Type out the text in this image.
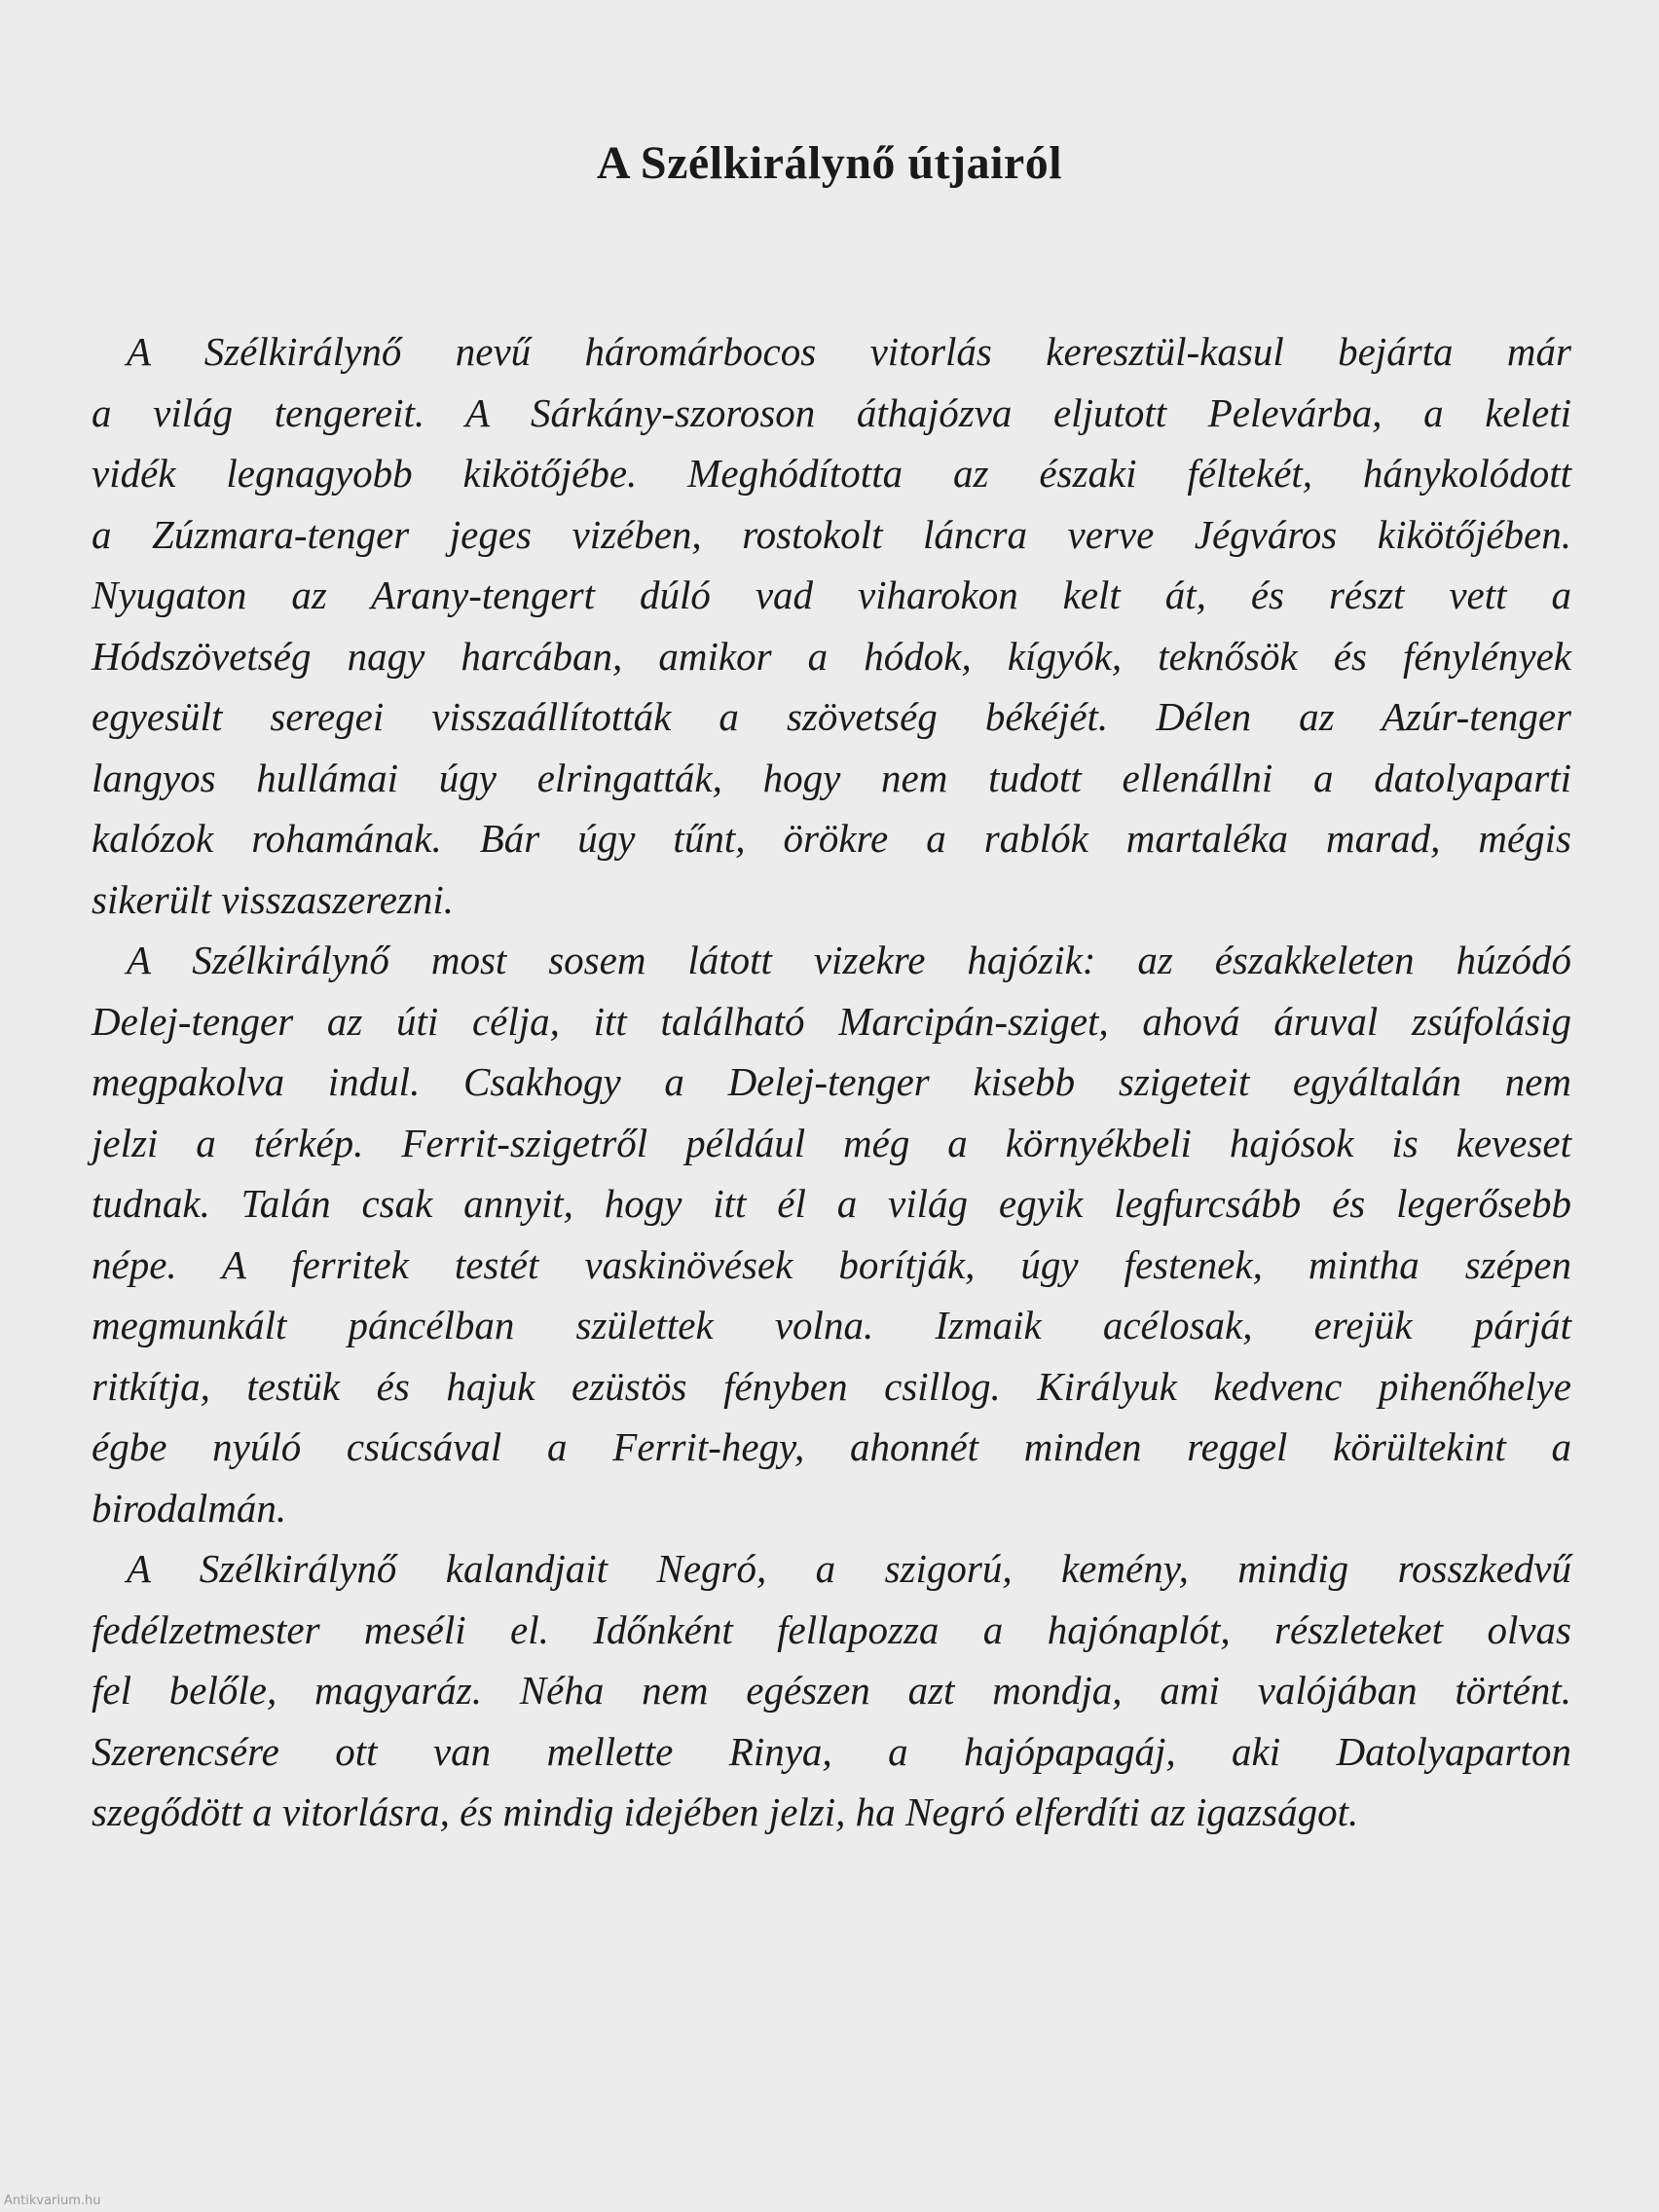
A Szélkirálynő útjairól

A Szélkirálynő nevű háromárbocos vitorlás keresztül-kasul bejárta már
a világ tengereit. A Sárkány-szoroson áthajózva eljutott Pelevárba, a keleti
vidék legnagyobb kikötőjébe. Meghódította az északi féltekét, hánykolódott
a Zúzmara-tenger jeges vizében, rostokolt láncra verve Jégváros kikötőjében.
Nyugaton az Arany-tengert dúló vad viharokon kelt át, és részt vett a
Hódszövetség nagy harcában, amikor a hódok, kígyók, teknősök és fénylények
egyesült seregei visszaállították a szövetség békéjét. Délen az Azúr-tenger
langyos hullámai úgy elringatták, hogy nem tudott ellenállni a datolyaparti
kalózok rohamának. Bár úgy tűnt, örökre a rablók martaléka marad, mégis
sikerült visszaszerezni.

A Szélkirálynő most sosem látott vizekre hajózik: az északkeleten húzódó
Delej-tenger az úti célja, itt található Marcipán-sziget, ahová áruval zsúfolásig
megpakolva indul. Csakhogy a Delej-tenger kisebb szigeteit egyáltalán nem
jelzi a térkép. Ferrit-szigetről például még a környékbeli hajósok is keveset
tudnak. Talán csak annyit, hogy itt él a világ egyik legfurcsább és legerősebb
népe. A ferritek testét vaskinövések borítják, úgy festenek, mintha szépen
megmunkált páncélban születtek volna. Izmaik acélosak, erejük párját
ritkítja, testük és hajuk ezüstös fényben csillog. Királyuk kedvenc pihenőhelye
égbe nyúló csúcsával a Ferrit-hegy, ahonnét minden reggel körültekint a
birodalmán.

A Szélkirálynő kalandjait Negró, a szigorú, kemény, mindig rosszkedvű
fedélzetmester meséli el. Időnként fellapozza a hajónaplót, részleteket olvas
fel belőle, magyaráz. Néha nem egészen azt mondja, ami valójában történt.
Szerencsére ott van mellette Rinya, a hajópapagáj, aki Datolyaparton
szegődött a vitorlásra, és mindig idejében jelzi, ha Negró elferdíti az igazságot.

Antikvarium.hu
